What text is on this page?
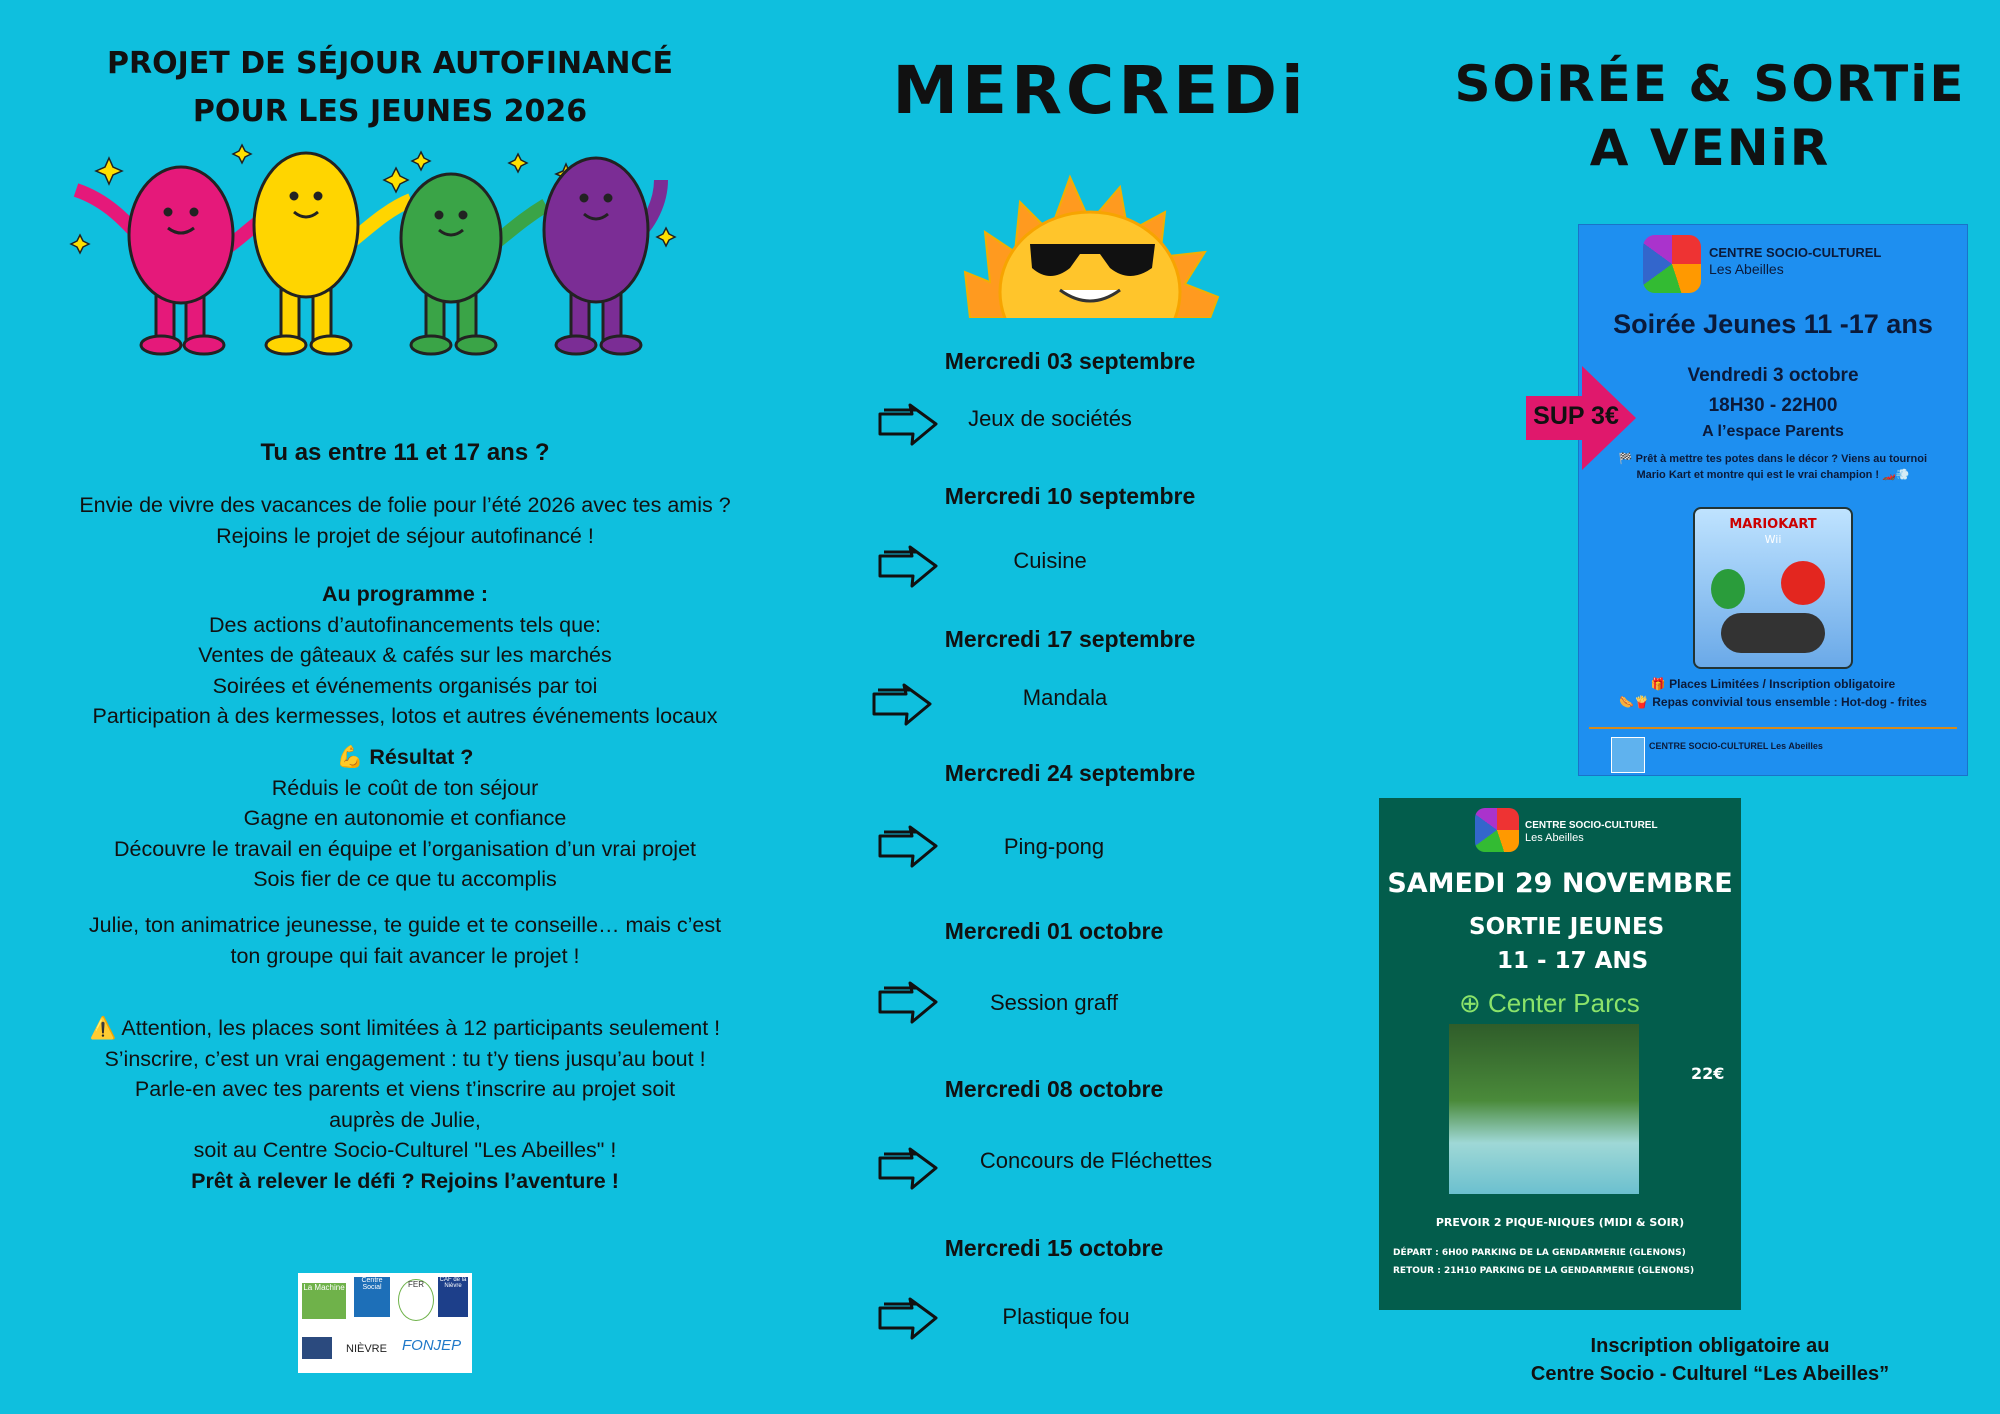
PROJET DE SÉJOUR AUTOFINANCÉ
POUR LES JEUNES 2026
Tu as entre 11 et 17 ans ?
Envie de vivre des vacances de folie pour l’été 2026 avec tes amis ?
Rejoins le projet de séjour autofinancé !
Au programme :
Des actions d’autofinancements tels que:
Ventes de gâteaux & cafés sur les marchés
Soirées et événements organisés par toi
Participation à des kermesses, lotos et autres événements locaux
💪 Résultat ?
Réduis le coût de ton séjour
Gagne en autonomie et confiance
Découvre le travail en équipe et l’organisation d’un vrai projet
Sois fier de ce que tu accomplis
Julie, ton animatrice jeunesse, te guide et te conseille… mais c’est
ton groupe qui fait avancer le projet !
⚠️ Attention, les places sont limitées à 12 participants seulement !
S’inscrire, c’est un vrai engagement : tu t’y tiens jusqu’au bout !
Parle-en avec tes parents et viens t’inscrire au projet soit
auprès de Julie,
soit au Centre Socio-Culturel "Les Abeilles" !
Prêt à relever le défi ? Rejoins l’aventure !
La Machine
Centre Social	FER	CAF de la Nièvre
NIÈVRE FONJEP
MERCREDi
Mercredi 03 septembre
Jeux de sociétés
Mercredi 10 septembre
Cuisine
Mercredi 17 septembre
Mandala
Mercredi 24 septembre
Ping-pong
Mercredi 01 octobre
Session graff
Mercredi 08 octobre
Concours de Fléchettes
Mercredi 15 octobre
Plastique fou
SOiRÉE & SORTiE
A VENiR
CENTRE SOCIO-CULTUREL
Les Abeilles
Soirée Jeunes 11 -17 ans
Vendredi 3 octobre
18H30 - 22H00
A l’espace Parents
🏁 Prêt à mettre tes potes dans le décor ? Viens au tournoi Mario Kart et montre qui est le vrai champion ! 🏎️💨
MARIOKART
Wii
🎁 Places Limitées / Inscription obligatoire
🌭🍟 Repas convivial tous ensemble : Hot-dog - frites
CENTRE SOCIO-CULTUREL Les Abeilles
SUP 3€
CENTRE SOCIO-CULTUREL
Les Abeilles
SAMEDI 29 NOVEMBRE
SORTIE JEUNES
11 - 17 ANS
⊕ Center Parcs
22€
PREVOIR 2 PIQUE-NIQUES (MIDI & SOIR)
DÉPART : 6H00 PARKING DE LA GENDARMERIE (GLENONS)
RETOUR : 21H10 PARKING DE LA GENDARMERIE (GLENONS)
Inscription obligatoire au
Centre Socio - Culturel “Les Abeilles”
